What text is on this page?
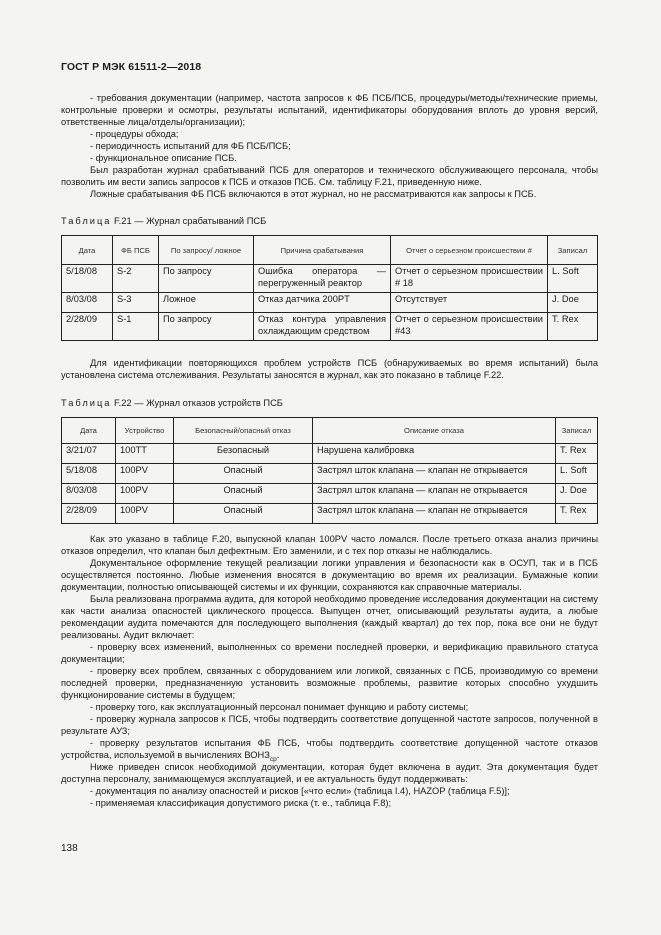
ГОСТ Р МЭК 61511-2—2018

- требования документации (например, частота запросов к ФБ ПСБ/ПСБ, процедуры/методы/технические приемы, контрольные проверки и осмотры, результаты испытаний, идентификаторы оборудования вплоть до уровня версий, ответственные лица/отделы/организации);

- процедуры обхода;

- периодичность испытаний для ФБ ПСБ/ПСБ;

- функциональное описание ПСБ.

Был разработан журнал срабатываний ПСБ для операторов и технического обслуживающего персонала, чтобы позволить им вести запись запросов к ПСБ и отказов ПСБ. См. таблицу F.21, приведенную ниже.

Ложные срабатывания ФБ ПСБ включаются в этот журнал, но не рассматриваются как запросы к ПСБ.

Таблица F.21 — Журнал срабатываний ПСБ
Дата	ФБ ПСБ	По запросу/ ложное	Причина срабатывания	Отчет о серьезном происшествии #	Записал
5/18/08	S-2	По запросу	Ошибка оператора — перегруженный реактор	Отчет о серьезном происшествии # 18	L. Soft
8/03/08	S-3	Ложное	Отказ датчика 200PT	Отсутствует	J. Doe
2/28/09	S-1	По запросу	Отказ контура управления охлаждающим средством	Отчет о серьезном происшествии #43	T. Rex

Для идентификации повторяющихся проблем устройств ПСБ (обнаруживаемых во время испытаний) была установлена система отслеживания. Результаты заносятся в журнал, как это показано в таблице F.22.

Таблица F.22 — Журнал отказов устройств ПСБ
Дата	Устройство	Безопасный/опасный отказ	Описание отказа	Записал
3/21/07	100TT	Безопасный	Нарушена калибровка	T. Rex
5/18/08	100PV	Опасный	Застрял шток клапана — клапан не открывается	L. Soft
8/03/08	100PV	Опасный	Застрял шток клапана — клапан не открывается	J. Doe
2/28/09	100PV	Опасный	Застрял шток клапана — клапан не открывается	T. Rex

Как это указано в таблице F.20, выпускной клапан 100PV часто ломался. После третьего отказа анализ причины отказов определил, что клапан был дефектным. Его заменили, и с тех пор отказы не наблюдались.

Документальное оформление текущей реализации логики управления и безопасности как в ОСУП, так и в ПСБ осуществляется постоянно. Любые изменения вносятся в документацию во время их реализации. Бумажные копии документации, полностью описывающей системы и их функции, сохраняются как справочные материалы.

Была реализована программа аудита, для которой необходимо проведение исследования документации на систему как части анализа опасностей циклического процесса. Выпущен отчет, описывающий результаты аудита, а любые рекомендации аудита помечаются для последующего выполнения (каждый квартал) до тех пор, пока все они не будут реализованы. Аудит включает:

- проверку всех изменений, выполненных со времени последней проверки, и верификацию правильного статуса документации;

- проверку всех проблем, связанных с оборудованием или логикой, связанных с ПСБ, производимую со времени последней проверки, предназначенную установить возможные проблемы, развитие которых способно ухудшить функционирование системы в будущем;

- проверку того, как эксплуатационный персонал понимает функцию и работу системы;

- проверку журнала запросов к ПСБ, чтобы подтвердить соответствие допущенной частоте запросов, полученной в результате АУЗ;

- проверку результатов испытания ФБ ПСБ, чтобы подтвердить соответствие допущенной частоте отказов устройства, используемой в вычислениях $ВОНЗ_{ср}$.

Ниже приведен список необходимой документации, которая будет включена в аудит. Эта документация будет доступна персоналу, занимающемуся эксплуатацией, и ее актуальность будут поддерживать:

- документация по анализу опасностей и рисков [«что если» (таблица I.4), HAZOP (таблица F.5)];

- применяемая классификация допустимого риска (т. е., таблица F.8);

138
